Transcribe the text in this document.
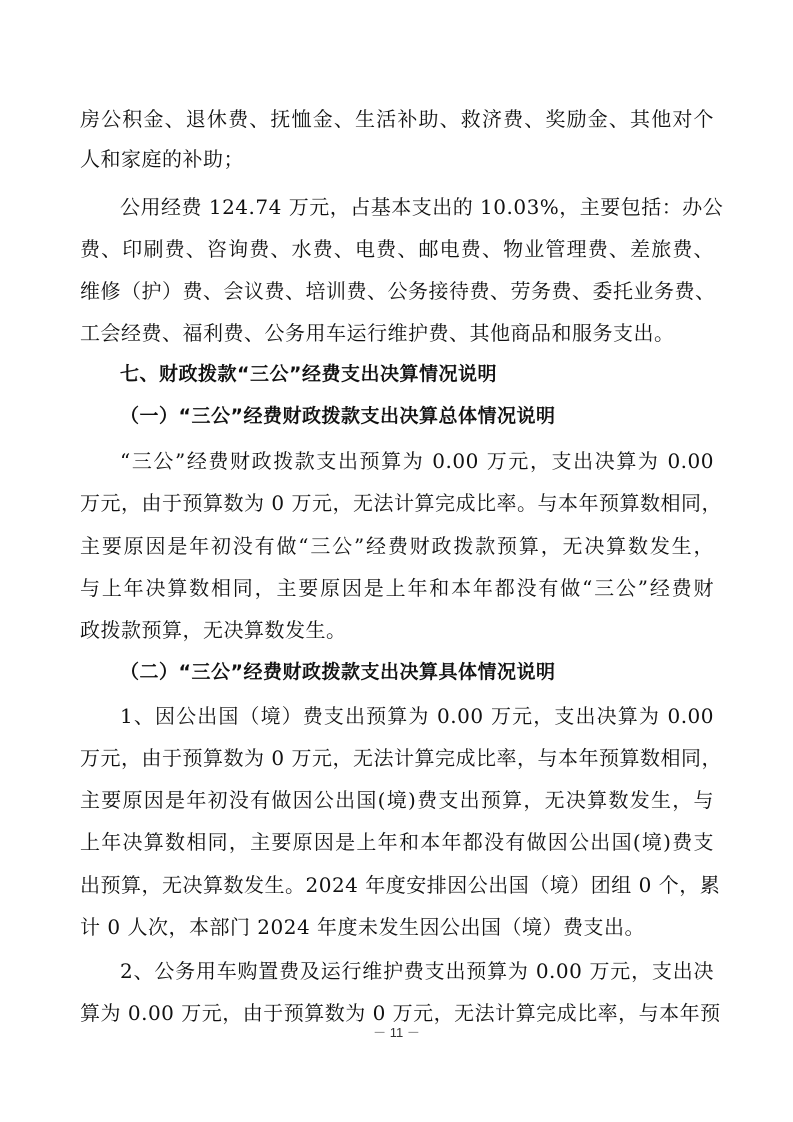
房公积金、退休费、抚恤金、生活补助、救济费、奖励金、其他对个
人和家庭的补助；
公用经费 124.74 万元，占基本支出的 10.03%，主要包括：办公
费、印刷费、咨询费、水费、电费、邮电费、物业管理费、差旅费、
维修（护）费、会议费、培训费、公务接待费、劳务费、委托业务费、
工会经费、福利费、公务用车运行维护费、其他商品和服务支出。
七、财政拨款“三公”经费支出决算情况说明
（一）“三公”经费财政拨款支出决算总体情况说明
“三公”经费财政拨款支出预算为 0.00 万元，支出决算为 0.00
万元，由于预算数为 0 万元，无法计算完成比率。与本年预算数相同，
主要原因是年初没有做“三公”经费财政拨款预算，无决算数发生，
与上年决算数相同，主要原因是上年和本年都没有做“三公”经费财
政拨款预算，无决算数发生。
（二）“三公”经费财政拨款支出决算具体情况说明
1、因公出国（境）费支出预算为 0.00 万元，支出决算为 0.00
万元，由于预算数为 0 万元，无法计算完成比率，与本年预算数相同，
主要原因是年初没有做因公出国(境)费支出预算，无决算数发生，与
上年决算数相同，主要原因是上年和本年都没有做因公出国(境)费支
出预算，无决算数发生。2024 年度安排因公出国（境）团组 0 个，累
计 0 人次，本部门 2024 年度未发生因公出国（境）费支出。
2、公务用车购置费及运行维护费支出预算为 0.00 万元，支出决
算为 0.00 万元，由于预算数为 0 万元，无法计算完成比率，与本年预
－ 11 －
